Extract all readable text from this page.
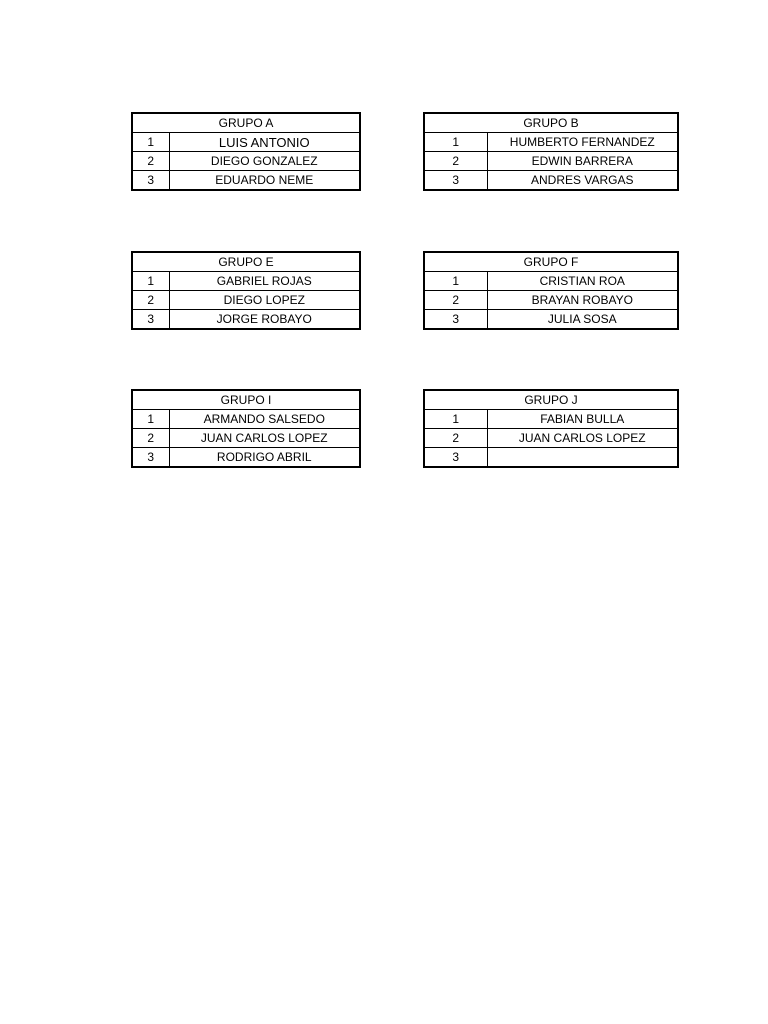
GRUPO A	
1	LUIS ANTONIO
2	DIEGO GONZALEZ
3	EDUARDO NEME
GRUPO B	
1	HUMBERTO FERNANDEZ
2	EDWIN BARRERA
3	ANDRES VARGAS
GRUPO E	
1	GABRIEL ROJAS
2	DIEGO LOPEZ
3	JORGE ROBAYO
GRUPO F	
1	CRISTIAN ROA
2	BRAYAN ROBAYO
3	JULIA SOSA
GRUPO I	
1	ARMANDO SALSEDO
2	JUAN CARLOS LOPEZ
3	RODRIGO ABRIL
GRUPO J	
1	FABIAN BULLA
2	JUAN CARLOS LOPEZ
3	
